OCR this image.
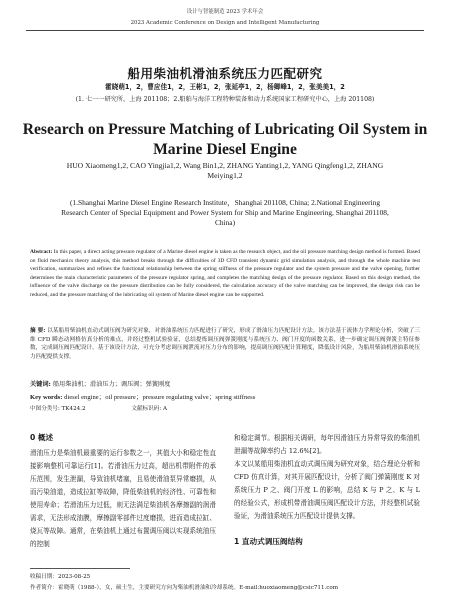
设计与智能制造 2023 学术年会
2023 Academic Conference on Design and Intelligent Manufacturing
船用柴油机滑油系统压力匹配研究
霍晓萌1，2，曹应佳1，2，王彬1，2，张延亭1，2，杨卿峰1，2，张美美1，2
(1. 七一一研究所，上海 201108；2.船舶与海洋工程特种装备和动力系统国家工程研究中心，上海 201108)
Research on Pressure Matching of Lubricating Oil System in Marine Diesel Engine
HUO Xiaomeng1,2, CAO Yingjia1,2, Wang Bin1,2, ZHANG Yanting1,2, YANG Qingfeng1,2, ZHANG Meiying1,2
(1.Shanghai Marine Diesel Engine Research Institute，Shanghai 201108, China; 2.National Engineering Research Center of Special Equipment and Power System for Ship and Marine Engineering, Shanghai 201108, China)
Abstract: In this paper, a direct acting pressure regulator of a Marine diesel engine is taken as the research object, and the oil pressure matching design method is formed. Based on fluid mechanics theory analysis, this method breaks through the difficulties of 3D CFD transient dynamic grid simulation analysis, and through the whole machine test verification, summarizes and refines the functional relationship between the spring stiffness of the pressure regulator and the system pressure and the valve opening, further determines the main characteristic parameters of the pressure regulator spring, and completes the matching design of the pressure regulator. Based on this design method, the influence of the valve discharge on the pressure distribution can be fully considered, the calculation accuracy of the valve matching can be improved, the design risk can be reduced, and the pressure matching of the lubricating oil system of Marine diesel engine can be supported.
摘 要: 以某船用柴油机直动式调压阀为研究对象，对滑油系统压力匹配进行了研究，形成了滑油压力匹配设计方法。该方法基于流体力学理论分析，突破了三维 CFD 瞬态动网格仿真分析的难点，并经过整机试验验证，总结提炼调压阀弹簧刚度与系统压力、阀门开度的函数关系，进一步确定调压阀弹簧主特征参数，完成调压阀匹配设计。基于该设计方法，可充分考虑调压阀泄流对压力分布的影响，提高调压阀匹配计算精度，降低设计风险，为船用柴油机滑油系统压力匹配提供支撑。
关键词: 船用柴油机；滑油压力；调压阀；弹簧刚度
Key words: diesel engine；oil pressure；pressure regulating valve；spring stiffness
中图分类号: TK424.2	文献标识码: A
0 概述
滑油压力是柴油机最重要的运行参数之一，其值大小和稳定性直接影响整机可靠运行[1]。若滑油压力过高，超出机带附件的承压范围，发生泄漏，导致油机堵塞，且易使滑油泵异常磨损，从而污染油道，造成拉缸等故障，降低柴油机的经济性、可靠性和使用寿命；若滑油压力过低，则无法满足柴油机各摩擦副的润滑需求，无法形成油膜，摩擦副零部件过度磨损，进而造成拉缸、烧瓦等故障。通常，在柴油机上通过布置调压阀以实现系统油压的控制
和稳定调节。根据相关调研，每年因滑油压力异常导致的柴油机泄漏等故障率约占 12.6%[2]。
本文以某船用柴油机直动式调压阀为研究对象，结合理论分析和 CFD 仿真计算，对其开展匹配设计，分析了阀门弹簧刚度 K 对系统压力 P 之、阀门开度 L 的影响，总结 K 与 P 之、K 与 L 的经验公式，形成机带滑油调压阀匹配设计方法，并经整机试验验证，为滑油系统压力匹配设计提供支撑。
1 直动式调压阀结构
收稿日期：2023-08-25
作者简介：霍晓萌（1988-），女，硕士生，主要研究方向为柴油机滑油和冷却系统。E-mail:huoxiaomeng@csic711.com
